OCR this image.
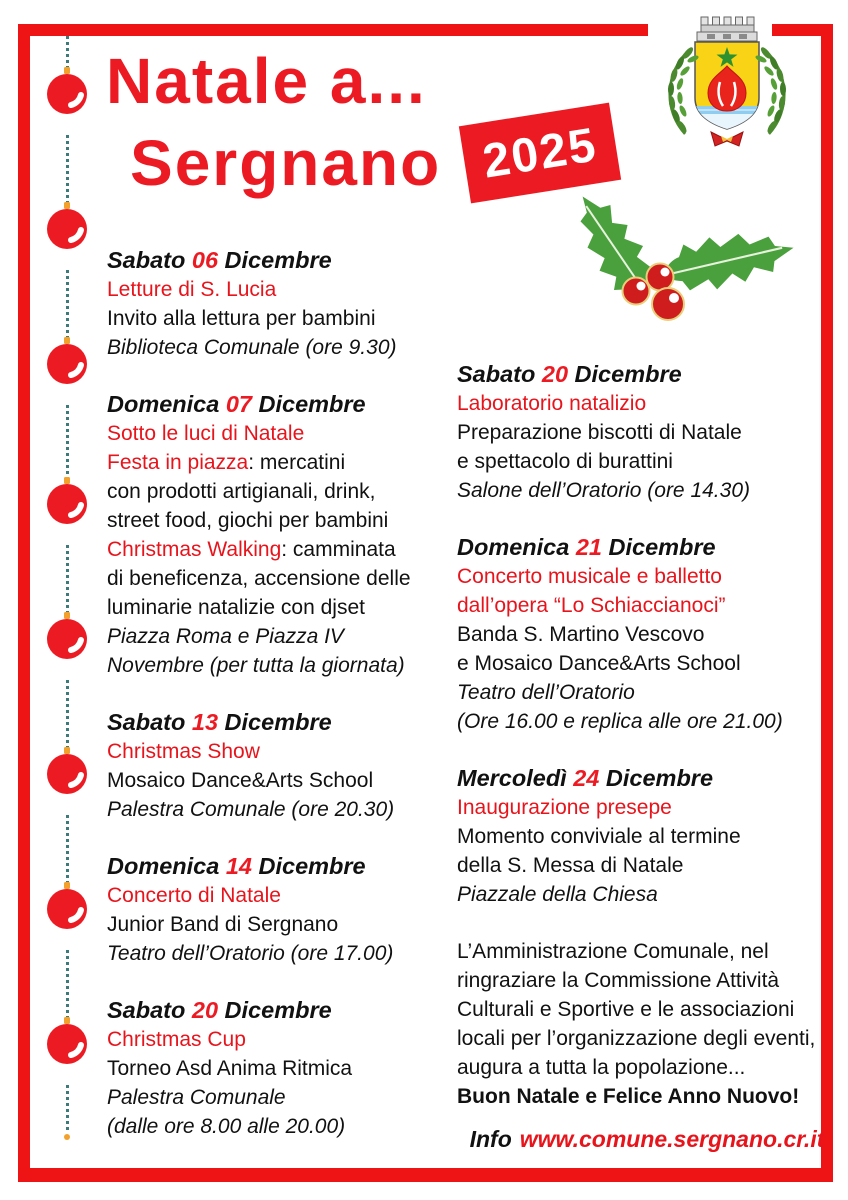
Natale a...
Sergnano 2025
Sabato 06 Dicembre
Letture di S. Lucia
Invito alla lettura per bambini
Biblioteca Comunale (ore 9.30)
Domenica 07 Dicembre
Sotto le luci di Natale
Festa in piazza: mercatini
con prodotti artigianali, drink,
street food, giochi per bambini
Christmas Walking: camminata
di beneficenza, accensione delle
luminarie natalizie con djset
Piazza Roma e Piazza IV
Novembre (per tutta la giornata)
Sabato 13 Dicembre
Christmas Show
Mosaico Dance&Arts School
Palestra Comunale (ore 20.30)
Domenica 14 Dicembre
Concerto di Natale
Junior Band di Sergnano
Teatro dell’Oratorio (ore 17.00)
Sabato 20 Dicembre
Christmas Cup
Torneo Asd Anima Ritmica
Palestra Comunale
(dalle ore 8.00 alle 20.00)
Sabato 20 Dicembre
Laboratorio natalizio
Preparazione biscotti di Natale
e spettacolo di burattini
Salone dell’Oratorio (ore 14.30)
Domenica 21 Dicembre
Concerto musicale e balletto
dall’opera “Lo Schiaccianoci”
Banda S. Martino Vescovo
e Mosaico Dance&Arts School
Teatro dell’Oratorio
(Ore 16.00 e replica alle ore 21.00)
Mercoledì 24 Dicembre
Inaugurazione presepe
Momento conviviale al termine
della S. Messa di Natale
Piazzale della Chiesa
L’Amministrazione Comunale, nel
ringraziare la Commissione Attività
Culturali e Sportive e le associazioni
locali per l’organizzazione degli eventi,
augura a tutta la popolazione...
Buon Natale e Felice Anno Nuovo!
Info www.comune.sergnano.cr.it
